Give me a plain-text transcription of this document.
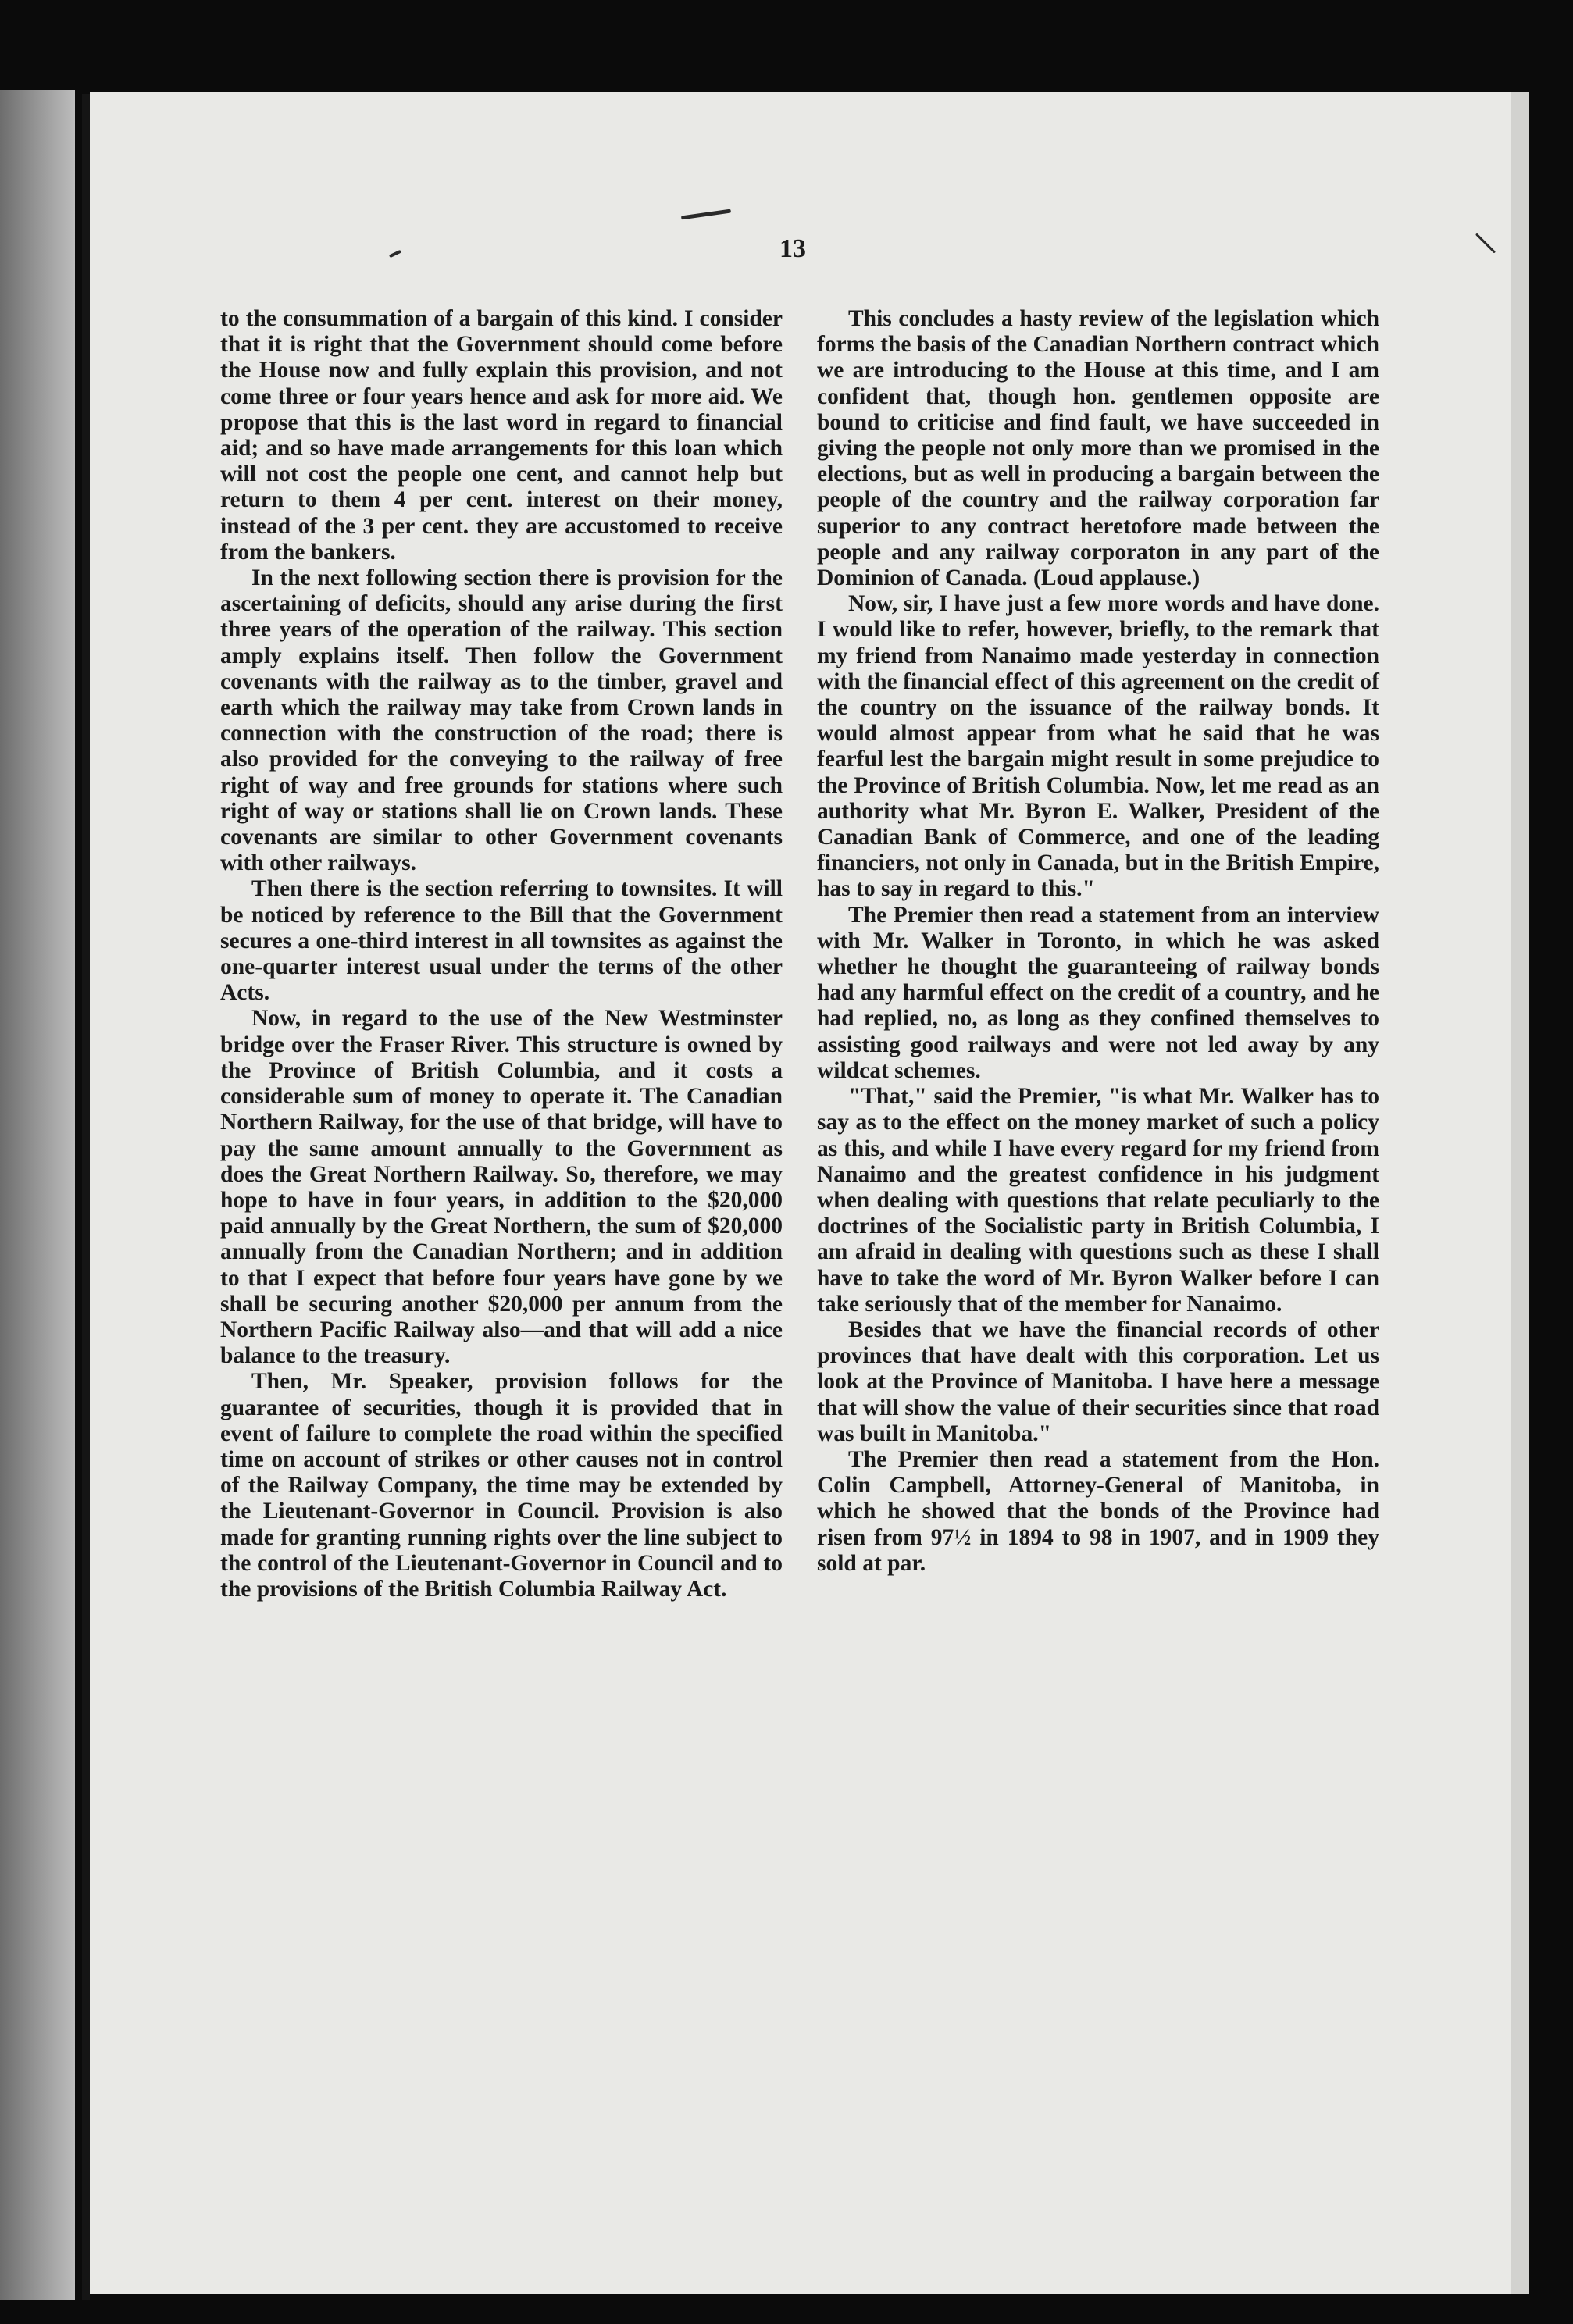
13

to the consummation of a bargain of this kind. I consider that it is right that the Government should come before the House now and fully explain this provision, and not come three or four years hence and ask for more aid. We propose that this is the last word in regard to financial aid; and so have made arrangements for this loan which will not cost the people one cent, and cannot help but return to them 4 per cent. interest on their money, instead of the 3 per cent. they are accustomed to receive from the bankers.

In the next following section there is provision for the ascertaining of deficits, should any arise during the first three years of the operation of the railway. This section amply explains itself. Then follow the Government covenants with the railway as to the timber, gravel and earth which the railway may take from Crown lands in connection with the construction of the road; there is also provided for the conveying to the railway of free right of way and free grounds for stations where such right of way or stations shall lie on Crown lands. These covenants are similar to other Government covenants with other railways.

Then there is the section referring to townsites. It will be noticed by reference to the Bill that the Government secures a one-third interest in all townsites as against the one-quarter interest usual under the terms of the other Acts.

Now, in regard to the use of the New Westminster bridge over the Fraser River. This structure is owned by the Province of British Columbia, and it costs a considerable sum of money to operate it. The Canadian Northern Railway, for the use of that bridge, will have to pay the same amount annually to the Government as does the Great Northern Railway. So, therefore, we may hope to have in four years, in addition to the $20,000 paid annually by the Great Northern, the sum of $20,000 annually from the Canadian Northern; and in addition to that I expect that before four years have gone by we shall be securing another $20,000 per annum from the Northern Pacific Railway also—and that will add a nice balance to the treasury.

Then, Mr. Speaker, provision follows for the guarantee of securities, though it is provided that in event of failure to complete the road within the specified time on account of strikes or other causes not in control of the Railway Company, the time may be extended by the Lieutenant-Governor in Council. Provision is also made for granting running rights over the line subject to the control of the Lieutenant-Governor in Council and to the provisions of the British Columbia Railway Act.

This concludes a hasty review of the legislation which forms the basis of the Canadian Northern contract which we are introducing to the House at this time, and I am confident that, though hon. gentlemen opposite are bound to criticise and find fault, we have succeeded in giving the people not only more than we promised in the elections, but as well in producing a bargain between the people of the country and the railway corporation far superior to any contract heretofore made between the people and any railway corporaton in any part of the Dominion of Canada. (Loud applause.)

Now, sir, I have just a few more words and have done. I would like to refer, however, briefly, to the remark that my friend from Nanaimo made yesterday in connection with the financial effect of this agreement on the credit of the country on the issuance of the railway bonds. It would almost appear from what he said that he was fearful lest the bargain might result in some prejudice to the Province of British Columbia. Now, let me read as an authority what Mr. Byron E. Walker, President of the Canadian Bank of Commerce, and one of the leading financiers, not only in Canada, but in the British Empire, has to say in regard to this."

The Premier then read a statement from an interview with Mr. Walker in Toronto, in which he was asked whether he thought the guaranteeing of railway bonds had any harmful effect on the credit of a country, and he had replied, no, as long as they confined themselves to assisting good railways and were not led away by any wildcat schemes.

"That," said the Premier, "is what Mr. Walker has to say as to the effect on the money market of such a policy as this, and while I have every regard for my friend from Nanaimo and the greatest confidence in his judgment when dealing with questions that relate peculiarly to the doctrines of the Socialistic party in British Columbia, I am afraid in dealing with questions such as these I shall have to take the word of Mr. Byron Walker before I can take seriously that of the member for Nanaimo.

Besides that we have the financial records of other provinces that have dealt with this corporation. Let us look at the Province of Manitoba. I have here a message that will show the value of their securities since that road was built in Manitoba."

The Premier then read a statement from the Hon. Colin Campbell, Attorney-General of Manitoba, in which he showed that the bonds of the Province had risen from 97½ in 1894 to 98 in 1907, and in 1909 they sold at par.
